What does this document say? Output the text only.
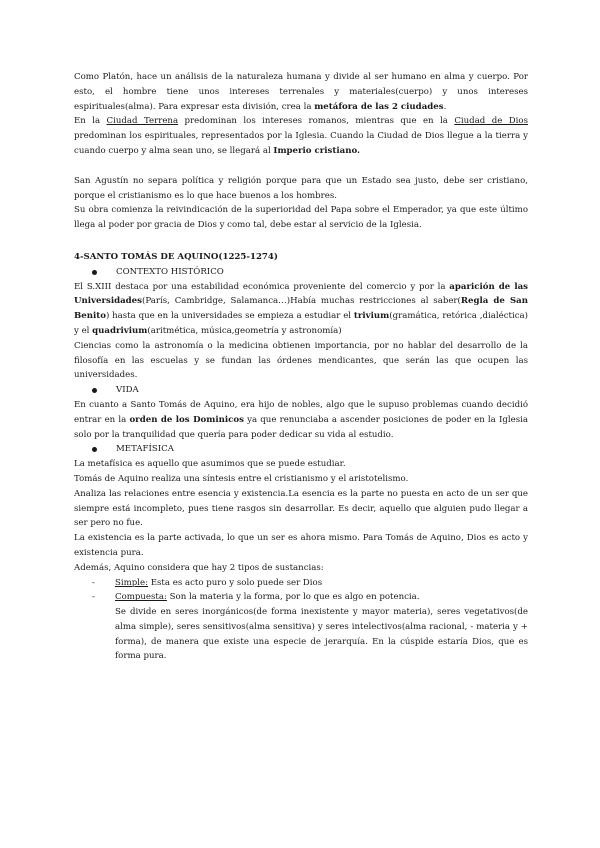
Como Platón, hace un análisis de la naturaleza humana y divide al ser humano en alma y cuerpo. Por esto, el hombre tiene unos intereses terrenales y materiales(cuerpo) y unos intereses espirituales(alma). Para expresar esta división, crea la metáfora de las 2 ciudades.

En la Ciudad Terrena predominan los intereses romanos, mientras que en la Ciudad de Dios predominan los espirituales, representados por la Iglesia. Cuando la Ciudad de Dios llegue a la tierra y cuando cuerpo y alma sean uno, se llegará al Imperio cristiano.

San Agustín no separa política y religión porque para que un Estado sea justo, debe ser cristiano, porque el cristianismo es lo que hace buenos a los hombres.

Su obra comienza la reivindicación de la superioridad del Papa sobre el Emperador, ya que este último llega al poder por gracia de Dios y como tal, debe estar al servicio de la Iglesia.

4-SANTO TOMÁS DE AQUINO(1225-1274)

CONTEXTO HISTÓRICO

El S.XIII destaca por una estabilidad económica proveniente del comercio y por la aparición de las Universidades(París, Cambridge, Salamanca…)Había muchas restricciones al saber(Regla de San Benito) hasta que en la universidades se empieza a estudiar el trivium(gramática, retórica ,dialéctica) y el quadrivium(aritmética, música,geometría y astronomía)

Ciencias como la astronomía o la medicina obtienen importancia, por no hablar del desarrollo de la filosofía en las escuelas y se fundan las órdenes mendicantes, que serán las que ocupen las universidades.

VIDA

En cuanto a Santo Tomás de Aquino, era hijo de nobles, algo que le supuso problemas cuando decidió entrar en la orden de los Dominicos ya que renunciaba a ascender posiciones de poder en la Iglesia solo por la tranquilidad que quería para poder dedicar su vida al estudio.

METAFÍSICA

La metafísica es aquello que asumimos que se puede estudiar.

Tomás de Aquino realiza una síntesis entre el cristianismo y el aristotelismo.

Analiza las relaciones entre esencia y existencia.La esencia es la parte no puesta en acto de un ser que siempre está incompleto, pues tiene rasgos sin desarrollar. Es decir, aquello que alguien pudo llegar a ser pero no fue.

La existencia es la parte activada, lo que un ser es ahora mismo. Para Tomás de Aquino, Dios es acto y existencia pura.

Además, Aquino considera que hay 2 tipos de sustancias:

-	Simple: Esta es acto puro y solo puede ser Dios
-	Compuesta: Son la materia y la forma, por lo que es algo en potencia.

Se divide en seres inorgánicos(de forma inexistente y mayor materia), seres vegetativos(de alma simple), seres sensitivos(alma sensitiva) y seres intelectivos(alma racional, - materia y + forma), de manera que existe una especie de jerarquía. En la cúspide estaría Dios, que es forma pura.
